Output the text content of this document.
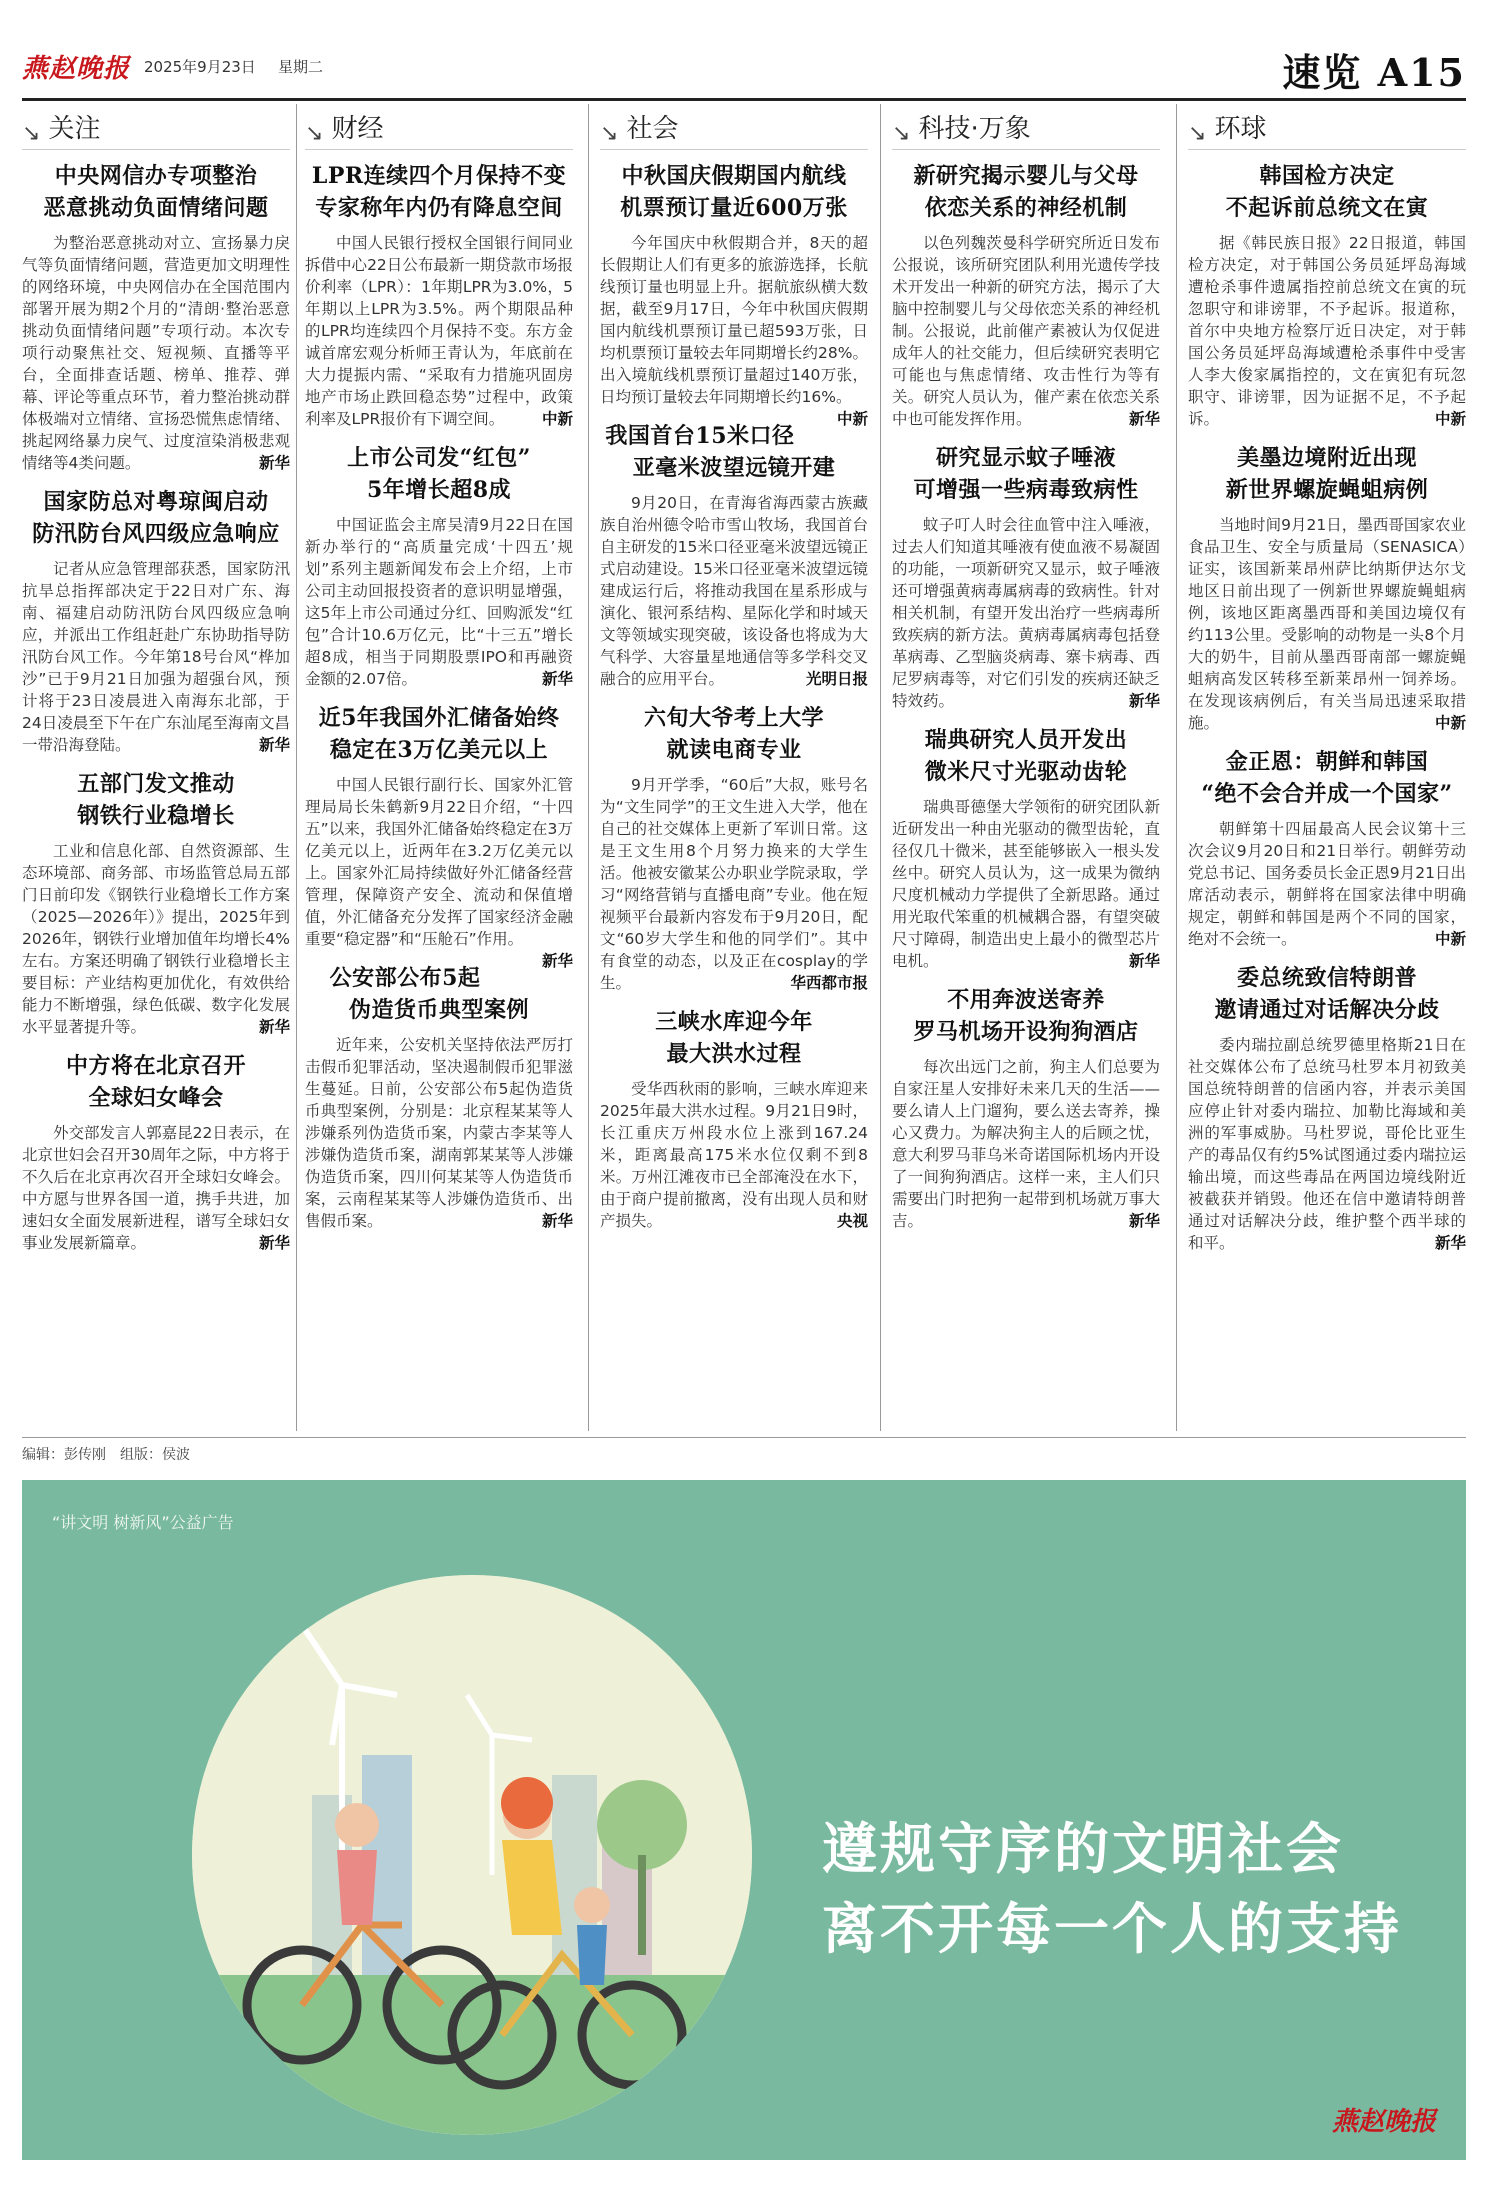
燕赵晚报 2025年9月23日 星期二	速览 A15
↘ 关注
中央网信办专项整治
恶意挑动负面情绪问题
为整治恶意挑动对立、宣扬暴力戾气等负面情绪问题，营造更加文明理性的网络环境，中央网信办在全国范围内部署开展为期2个月的“清朗·整治恶意挑动负面情绪问题”专项行动。本次专项行动聚焦社交、短视频、直播等平台，全面排查话题、榜单、推荐、弹幕、评论等重点环节，着力整治挑动群体极端对立情绪、宣扬恐慌焦虑情绪、挑起网络暴力戾气、过度渲染消极悲观情绪等4类问题。	新华
国家防总对粤琼闽启动
防汛防台风四级应急响应
记者从应急管理部获悉，国家防汛抗旱总指挥部决定于22日对广东、海南、福建启动防汛防台风四级应急响应，并派出工作组赶赴广东协助指导防汛防台风工作。今年第18号台风“桦加沙”已于9月21日加强为超强台风，预计将于23日凌晨进入南海东北部，于24日凌晨至下午在广东汕尾至海南文昌一带沿海登陆。	新华
五部门发文推动
钢铁行业稳增长
工业和信息化部、自然资源部、生态环境部、商务部、市场监管总局五部门日前印发《钢铁行业稳增长工作方案（2025—2026年）》提出，2025年到2026年，钢铁行业增加值年均增长4%左右。方案还明确了钢铁行业稳增长主要目标：产业结构更加优化，有效供给能力不断增强，绿色低碳、数字化发展水平显著提升等。	新华
中方将在北京召开
全球妇女峰会
外交部发言人郭嘉昆22日表示，在北京世妇会召开30周年之际，中方将于不久后在北京再次召开全球妇女峰会。中方愿与世界各国一道，携手共进，加速妇女全面发展新进程，谱写全球妇女事业发展新篇章。	新华
↘ 财经
LPR连续四个月保持不变
专家称年内仍有降息空间
中国人民银行授权全国银行间同业拆借中心22日公布最新一期贷款市场报价利率（LPR）：1年期LPR为3.0%，5年期以上LPR为3.5%。两个期限品种的LPR均连续四个月保持不变。东方金诚首席宏观分析师王青认为，年底前在大力提振内需、“采取有力措施巩固房地产市场止跌回稳态势”过程中，政策利率及LPR报价有下调空间。	中新
上市公司发“红包”
5年增长超8成
中国证监会主席吴清9月22日在国新办举行的“高质量完成‘十四五’规划”系列主题新闻发布会上介绍，上市公司主动回报投资者的意识明显增强，这5年上市公司通过分红、回购派发“红包”合计10.6万亿元，比“十三五”增长超8成，相当于同期股票IPO和再融资金额的2.07倍。	新华
近5年我国外汇储备始终
稳定在3万亿美元以上
中国人民银行副行长、国家外汇管理局局长朱鹤新9月22日介绍，“十四五”以来，我国外汇储备始终稳定在3万亿美元以上，近两年在3.2万亿美元以上。国家外汇局持续做好外汇储备经营管理，保障资产安全、流动和保值增值，外汇储备充分发挥了国家经济金融重要“稳定器”和“压舱石”作用。
新华
公安部公布5起
伪造货币典型案例
近年来，公安机关坚持依法严厉打击假币犯罪活动，坚决遏制假币犯罪滋生蔓延。日前，公安部公布5起伪造货币典型案例，分别是：北京程某某等人涉嫌系列伪造货币案，内蒙古李某等人涉嫌伪造货币案，湖南郭某某等人涉嫌伪造货币案，四川何某某等人伪造货币案，云南程某某等人涉嫌伪造货币、出售假币案。	新华
↘ 社会
中秋国庆假期国内航线
机票预订量近600万张
今年国庆中秋假期合并，8天的超长假期让人们有更多的旅游选择，长航线预订量也明显上升。据航旅纵横大数据，截至9月17日，今年中秋国庆假期国内航线机票预订量已超593万张，日均机票预订量较去年同期增长约28%。出入境航线机票预订量超过140万张，日均预订量较去年同期增长约16%。
中新
我国首台15米口径
亚毫米波望远镜开建
9月20日，在青海省海西蒙古族藏族自治州德令哈市雪山牧场，我国首台自主研发的15米口径亚毫米波望远镜正式启动建设。15米口径亚毫米波望远镜建成运行后，将推动我国在星系形成与演化、银河系结构、星际化学和时域天文等领域实现突破，该设备也将成为大气科学、大容量星地通信等多学科交叉融合的应用平台。	光明日报
六旬大爷考上大学
就读电商专业
9月开学季，“60后”大叔，账号名为“文生同学”的王文生进入大学，他在自己的社交媒体上更新了军训日常。这是王文生用8个月努力换来的大学生活。他被安徽某公办职业学院录取，学习“网络营销与直播电商”专业。他在短视频平台最新内容发布于9月20日，配文“60岁大学生和他的同学们”。其中有食堂的动态，以及正在cosplay的学生。	华西都市报
三峡水库迎今年
最大洪水过程
受华西秋雨的影响，三峡水库迎来2025年最大洪水过程。9月21日9时，长江重庆万州段水位上涨到167.24米，距离最高175米水位仅剩不到8米。万州江滩夜市已全部淹没在水下，由于商户提前撤离，没有出现人员和财产损失。	央视
↘ 科技·万象
新研究揭示婴儿与父母
依恋关系的神经机制
以色列魏茨曼科学研究所近日发布公报说，该所研究团队利用光遗传学技术开发出一种新的研究方法，揭示了大脑中控制婴儿与父母依恋关系的神经机制。公报说，此前催产素被认为仅促进成年人的社交能力，但后续研究表明它可能也与焦虑情绪、攻击性行为等有关。研究人员认为，催产素在依恋关系中也可能发挥作用。	新华
研究显示蚊子唾液
可增强一些病毒致病性
蚊子叮人时会往血管中注入唾液，过去人们知道其唾液有使血液不易凝固的功能，一项新研究又显示，蚊子唾液还可增强黄病毒属病毒的致病性。针对相关机制，有望开发出治疗一些病毒所致疾病的新方法。黄病毒属病毒包括登革病毒、乙型脑炎病毒、寨卡病毒、西尼罗病毒等，对它们引发的疾病还缺乏特效药。	新华
瑞典研究人员开发出
微米尺寸光驱动齿轮
瑞典哥德堡大学领衔的研究团队新近研发出一种由光驱动的微型齿轮，直径仅几十微米，甚至能够嵌入一根头发丝中。研究人员认为，这一成果为微纳尺度机械动力学提供了全新思路。通过用光取代笨重的机械耦合器，有望突破尺寸障碍，制造出史上最小的微型芯片电机。	新华
不用奔波送寄养
罗马机场开设狗狗酒店
每次出远门之前，狗主人们总要为自家汪星人安排好未来几天的生活——要么请人上门遛狗，要么送去寄养，操心又费力。为解决狗主人的后顾之忧，意大利罗马菲乌米奇诺国际机场内开设了一间狗狗酒店。这样一来，主人们只需要出门时把狗一起带到机场就万事大吉。	新华
↘ 环球
韩国检方决定
不起诉前总统文在寅
据《韩民族日报》22日报道，韩国检方决定，对于韩国公务员延坪岛海域遭枪杀事件遗属指控前总统文在寅的玩忽职守和诽谤罪，不予起诉。报道称，首尔中央地方检察厅近日决定，对于韩国公务员延坪岛海域遭枪杀事件中受害人李大俊家属指控的，文在寅犯有玩忽职守、诽谤罪，因为证据不足，不予起诉。	中新
美墨边境附近出现
新世界螺旋蝇蛆病例
当地时间9月21日，墨西哥国家农业食品卫生、安全与质量局（SENASICA）证实，该国新莱昂州萨比纳斯伊达尔戈地区日前出现了一例新世界螺旋蝇蛆病例，该地区距离墨西哥和美国边境仅有约113公里。受影响的动物是一头8个月大的奶牛，目前从墨西哥南部一螺旋蝇蛆病高发区转移至新莱昂州一饲养场。在发现该病例后，有关当局迅速采取措施。	中新
金正恩：朝鲜和韩国
“绝不会合并成一个国家”
朝鲜第十四届最高人民会议第十三次会议9月20日和21日举行。朝鲜劳动党总书记、国务委员长金正恩9月21日出席活动表示，朝鲜将在国家法律中明确规定，朝鲜和韩国是两个不同的国家，绝对不会统一。	中新
委总统致信特朗普
邀请通过对话解决分歧
委内瑞拉副总统罗德里格斯21日在社交媒体公布了总统马杜罗本月初致美国总统特朗普的信函内容，并表示美国应停止针对委内瑞拉、加勒比海域和美洲的军事威胁。马杜罗说，哥伦比亚生产的毒品仅有约5%试图通过委内瑞拉运输出境，而这些毒品在两国边境线附近被截获并销毁。他还在信中邀请特朗普通过对话解决分歧，维护整个西半球的和平。	新华
编辑：彭传刚　组版：侯波
“讲文明 树新风”公益广告
遵规守序的文明社会
离不开每一个人的支持
燕赵晚报
